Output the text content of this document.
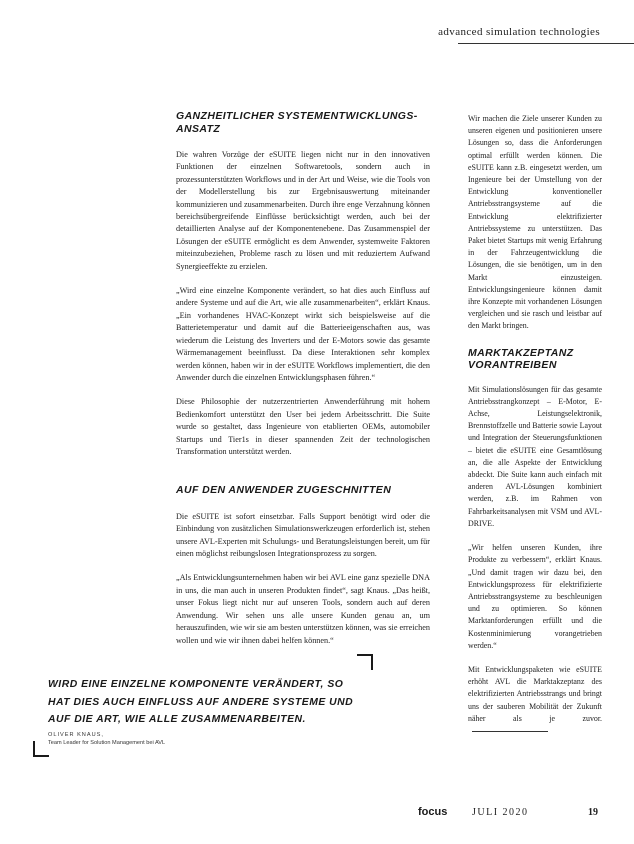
advanced simulation technologies
GANZHEITLICHER SYSTEMENTWICKLUNGS-ANSATZ

Die wahren Vorzüge der eSUITE liegen nicht nur in den innovativen Funktionen der einzelnen Softwaretools, sondern auch in prozessunterstützten Workflows und in der Art und Weise, wie die Tools von der Modellerstellung bis zur Ergebnisauswertung miteinander kommunizieren und zusammenarbeiten. Durch ihre enge Verzahnung können bereichsübergreifende Einflüsse berücksichtigt werden, auch bei der detaillierten Analyse auf der Komponentenebene. Das Zusammenspiel der Lösungen der eSUITE ermöglicht es dem Anwender, systemweite Faktoren miteinzubeziehen, Probleme rasch zu lösen und mit reduziertem Aufwand Synergieeffekte zu erzielen.

„Wird eine einzelne Komponente verändert, so hat dies auch Einfluss auf andere Systeme und auf die Art, wie alle zusammenarbeiten“, erklärt Knaus. „Ein vorhandenes HVAC-Konzept wirkt sich beispielsweise auf die Batterietemperatur und damit auf die Batterieeigenschaften aus, was wiederum die Leistung des Inverters und der E-Motors sowie das gesamte Wärmemanagement beeinflusst. Da diese Interaktionen sehr komplex werden können, haben wir in der eSUITE Workflows implementiert, die den Anwender durch die einzelnen Entwicklungsphasen führen.“

Diese Philosophie der nutzerzentrierten Anwenderführung mit hohem Bedienkomfort unterstützt den User bei jedem Arbeitsschritt. Die Suite wurde so gestaltet, dass Ingenieure von etablierten OEMs, automobiler Startups und Tier1s in dieser spannenden Zeit der technologischen Transformation unterstützt werden.

AUF DEN ANWENDER ZUGESCHNITTEN

Die eSUITE ist sofort einsetzbar. Falls Support benötigt wird oder die Einbindung von zusätzlichen Simulationswerkzeugen erforderlich ist, stehen unsere AVL-Experten mit Schulungs- und Beratungsleistungen bereit, um für einen möglichst reibungslosen Integrationsprozess zu sorgen.

„Als Entwicklungsunternehmen haben wir bei AVL eine ganz spezielle DNA in uns, die man auch in unseren Produkten findet“, sagt Knaus. „Das heißt, unser Fokus liegt nicht nur auf unseren Tools, sondern auch auf deren Anwendung. Wir sehen uns alle unsere Kunden genau an, um herauszufinden, wie wir sie am besten unterstützen können, was sie erreichen wollen und wie wir ihnen dabei helfen können.“

Wir machen die Ziele unserer Kunden zu unseren eigenen und positionieren unsere Lösungen so, dass die Anforderungen optimal erfüllt werden können. Die eSUITE kann z.B. eingesetzt werden, um Ingenieure bei der Umstellung von der Entwicklung konventioneller Antriebsstrangsysteme auf die Entwicklung elektrifizierter Antriebssysteme zu unterstützen. Das Paket bietet Startups mit wenig Erfahrung in der Fahrzeugentwicklung die Lösungen, die sie benötigen, um in den Markt einzusteigen. Entwicklungsingenieure können damit ihre Konzepte mit vorhandenen Lösungen vergleichen und sie rasch und leistbar auf den Markt bringen.

MARKTAKZEPTANZ VORANTREIBEN

Mit Simulationslösungen für das gesamte Antriebsstrangkonzept – E-Motor, E-Achse, Leistungselektronik, Brennstoffzelle und Batterie sowie Layout und Integration der Steuerungsfunktionen – bietet die eSUITE eine Gesamtlösung an, die alle Aspekte der Entwicklung abdeckt. Die Suite kann auch einfach mit anderen AVL-Lösungen kombiniert werden, z.B. im Rahmen von Fahrbarkeitsanalysen mit VSM und AVL-DRIVE.

„Wir helfen unseren Kunden, ihre Produkte zu verbessern“, erklärt Knaus. „Und damit tragen wir dazu bei, den Entwicklungsprozess für elektrifizierte Antriebsstrangsysteme zu beschleunigen und zu optimieren. So können Marktanforderungen erfüllt und die Kostenminimierung vorangetrieben werden.“

Mit Entwicklungspaketen wie eSUITE erhöht AVL die Marktakzeptanz des elektrifizierten Antriebsstrangs und bringt uns der sauberen Mobilität der Zukunft näher als je zuvor.

WIRD EINE EINZELNE KOMPONENTE VERÄNDERT, SO HAT DIES AUCH EINFLUSS AUF ANDERE SYSTEME UND AUF DIE ART, WIE ALLE ZUSAMMENARBEITEN.
OLIVER KNAUS,
Team Leader for Solution Management bei AVL
focus JULI 2020	19
